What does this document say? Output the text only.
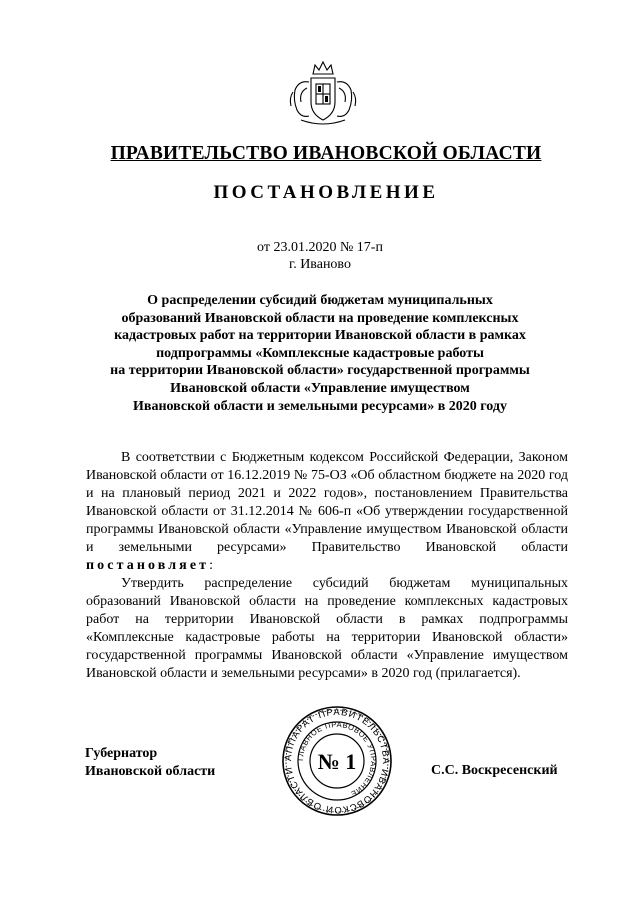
ПРАВИТЕЛЬСТВО ИВАНОВСКОЙ ОБЛАСТИ
ПОСТАНОВЛЕНИЕ
от 23.01.2020 № 17-п
г. Иваново
О распределении субсидий бюджетам муниципальных
образований Ивановской области на проведение комплексных
кадастровых работ на территории Ивановской области в рамках
подпрограммы «Комплексные кадастровые работы
на территории Ивановской области» государственной программы
Ивановской области «Управление имуществом
Ивановской области и земельными ресурсами» в 2020 году

В соответствии с Бюджетным кодексом Российской Федерации, Законом Ивановской области от 16.12.2019 № 75-ОЗ «Об областном бюджете на 2020 год и на плановый период 2021 и 2022 годов», постановлением Правительства Ивановской области от 31.12.2014 № 606-п «Об утверждении государственной программы Ивановской области «Управление имуществом Ивановской области и земельными ресурсами» Правительство Ивановской области постановляет:

Утвердить распределение субсидий бюджетам муниципальных образований Ивановской области на проведение комплексных кадастровых работ на территории Ивановской области в рамках подпрограммы «Комплексные кадастровые работы на территории Ивановской области» государственной программы Ивановской области «Управление имуществом Ивановской области и земельными ресурсами» в 2020 год (прилагается).

Губернатор
Ивановской области
АППАРАТ ПРАВИТЕЛЬСТВА ИВАНОВСКОЙ ОБЛАСТИ
ГЛАВНОЕ ПРАВОВОЕ УПРАВЛЕНИЕ
№ 1	С.С. Воскресенский
